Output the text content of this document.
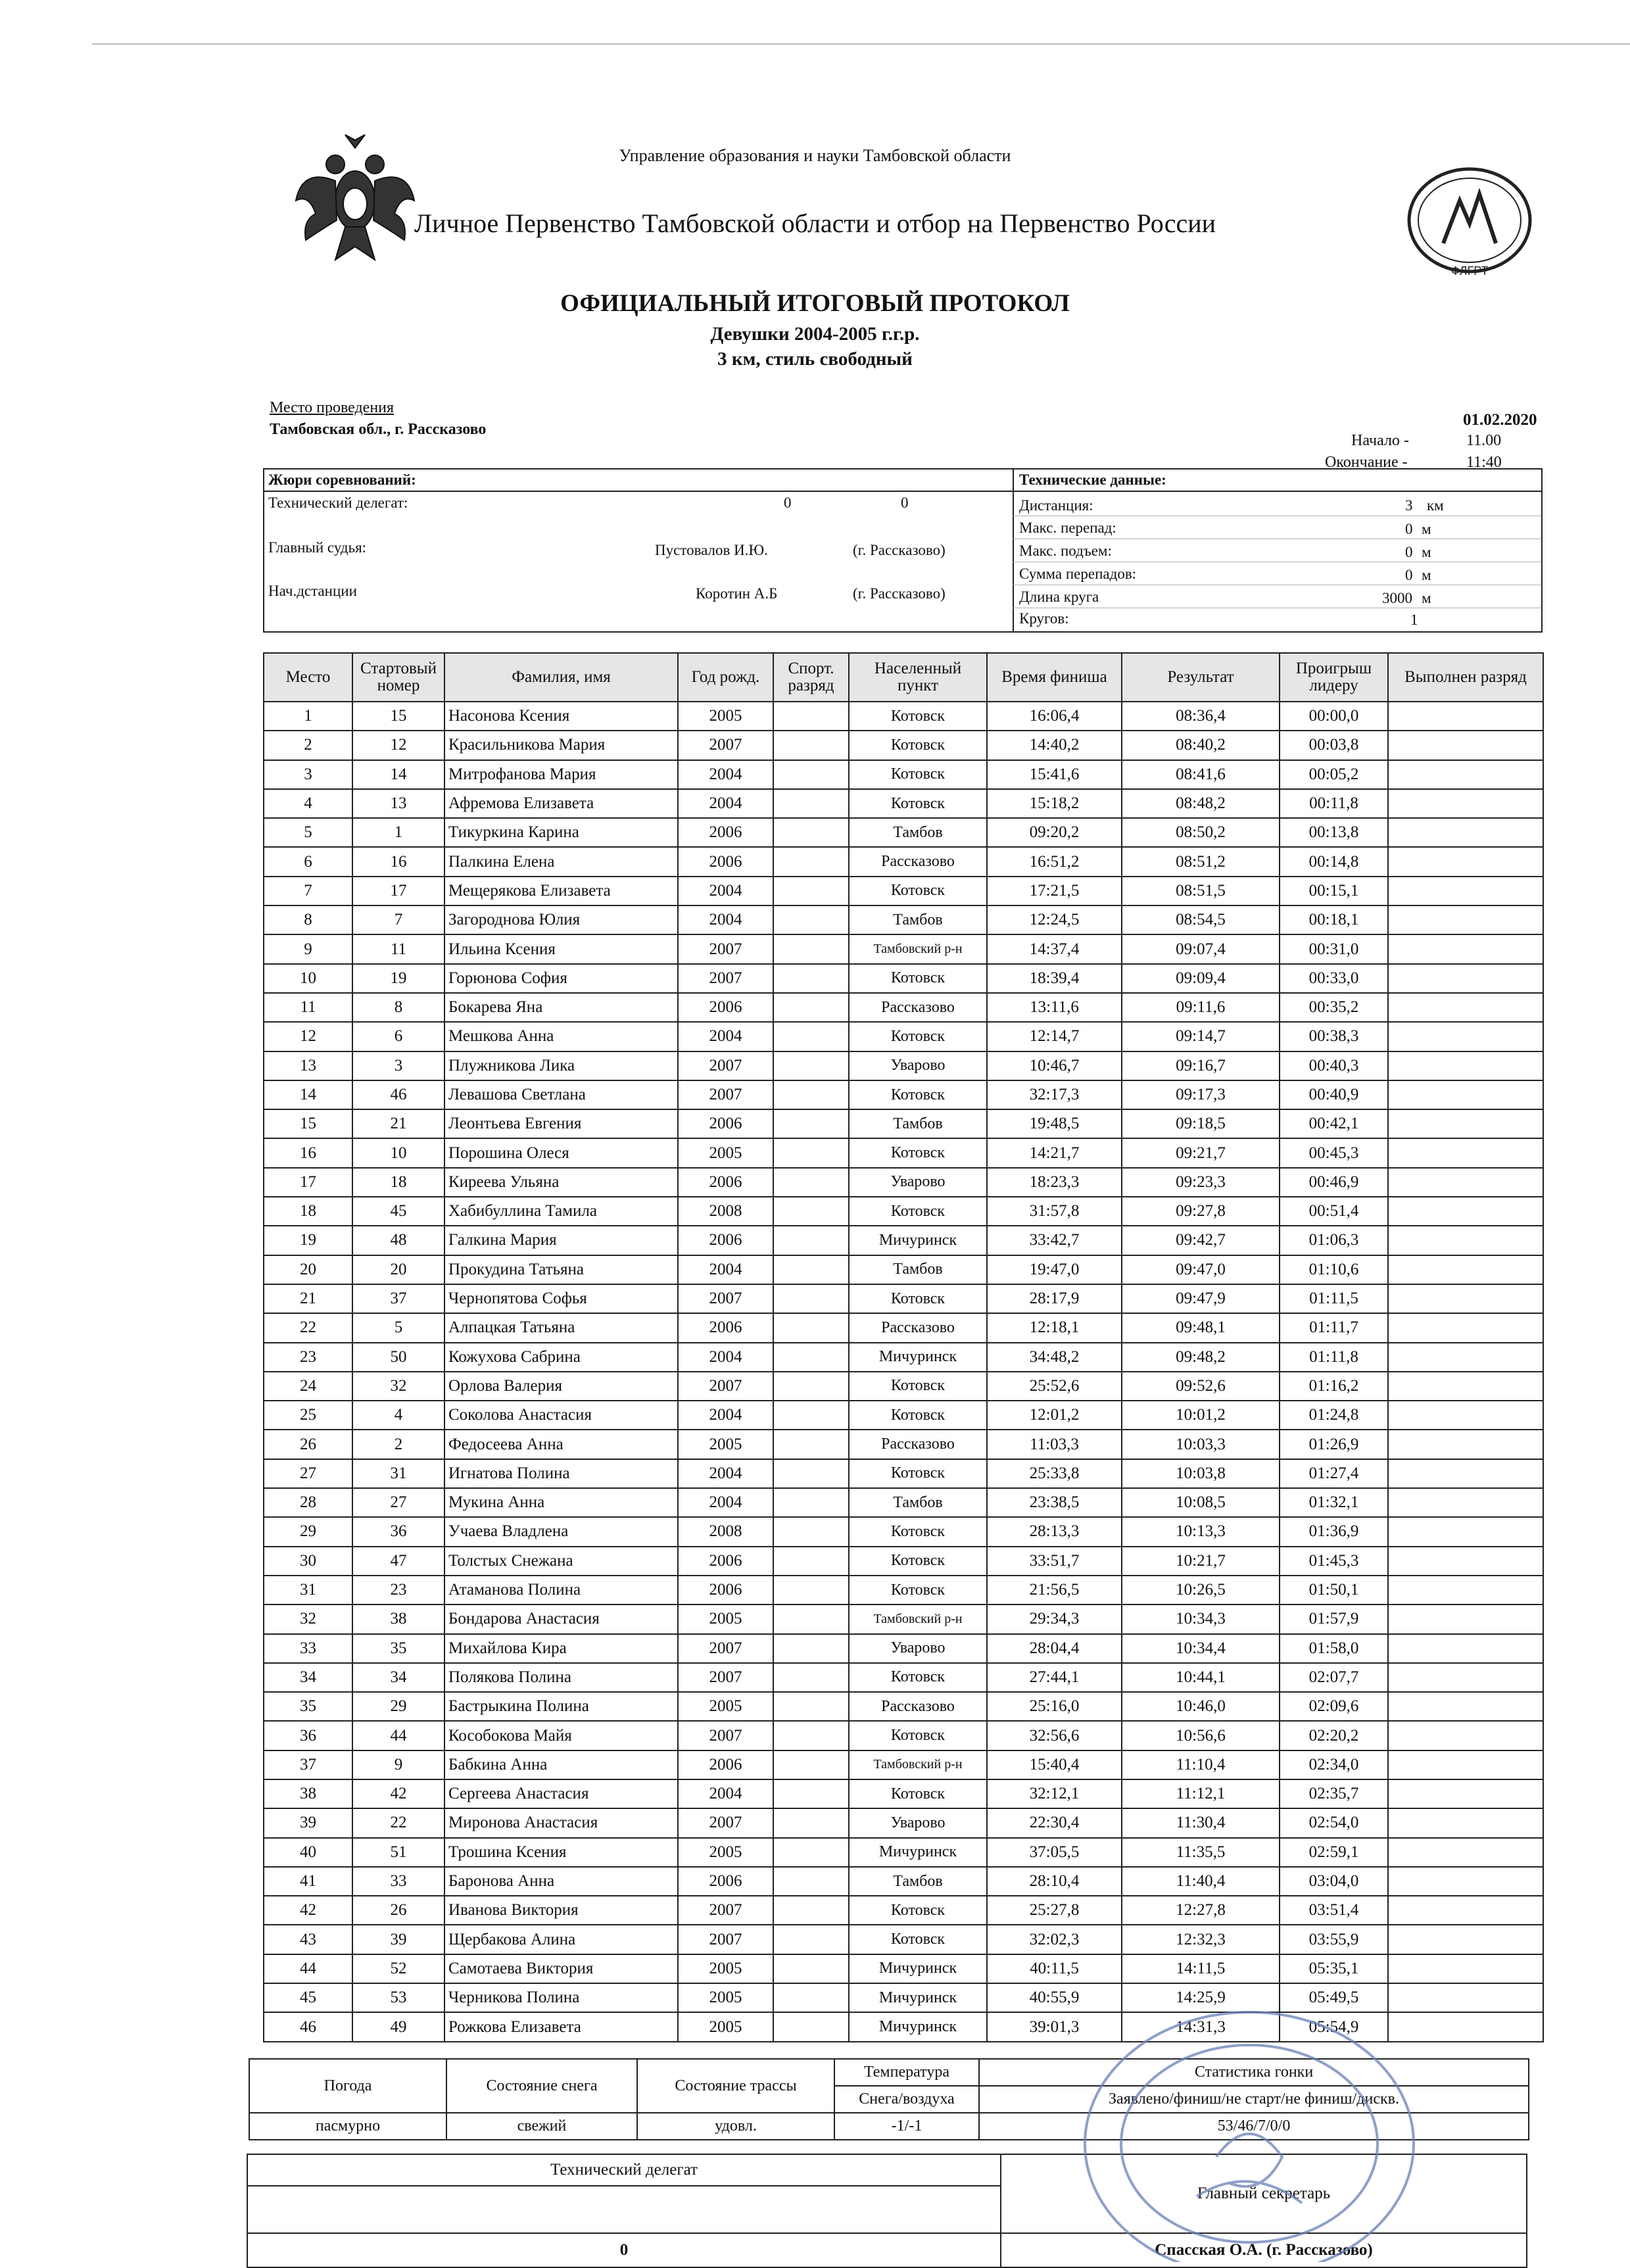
ФЛГРТ
Управление образования и науки Тамбовской области
Личное Первенство Тамбовской области и отбор на Первенство России
ОФИЦИАЛЬНЫЙ ИТОГОВЫЙ ПРОТОКОЛ
Девушки 2004-2005 г.г.р.
3 км, стиль свободный
Место проведения
Тамбовская обл., г. Рассказово
01.02.2020
Начало -	11.00
Окончание -	11:40
Жюри соревнований:	Технические данные:
Технический делегат:	0	0
Главный судья:	Пустовалов И.Ю.	(г. Рассказово)
Нач.дстанции	Коротин А.Б	(г. Рассказово)
Дистанция:	3 км
Макс. перепад:	0 м
Макс. подъем:	0 м
Сумма перепадов:	0 м
Длина круга	3000 м
Кругов:	1
Место	Стартовый номер	Фамилия, имя	Год рожд.	Спорт. разряд	Населенный пункт	Время финиша	Результат	Проигрыш лидеру	Выполнен разряд
1	15	Насонова Ксения	2005		Котовск	16:06,4	08:36,4	00:00,0	
2	12	Красильникова Мария	2007		Котовск	14:40,2	08:40,2	00:03,8	
3	14	Митрофанова Мария	2004		Котовск	15:41,6	08:41,6	00:05,2	
4	13	Афремова Елизавета	2004		Котовск	15:18,2	08:48,2	00:11,8	
5	1	Тикуркина Карина	2006		Тамбов	09:20,2	08:50,2	00:13,8	
6	16	Палкина Елена	2006		Рассказово	16:51,2	08:51,2	00:14,8	
7	17	Мещерякова Елизавета	2004		Котовск	17:21,5	08:51,5	00:15,1	
8	7	Загороднова Юлия	2004		Тамбов	12:24,5	08:54,5	00:18,1	
9	11	Ильина Ксения	2007		Тамбовский р-н	14:37,4	09:07,4	00:31,0	
10	19	Горюнова София	2007		Котовск	18:39,4	09:09,4	00:33,0	
11	8	Бокарева Яна	2006		Рассказово	13:11,6	09:11,6	00:35,2	
12	6	Мешкова Анна	2004		Котовск	12:14,7	09:14,7	00:38,3	
13	3	Плужникова Лика	2007		Уварово	10:46,7	09:16,7	00:40,3	
14	46	Левашова Светлана	2007		Котовск	32:17,3	09:17,3	00:40,9	
15	21	Леонтьева Евгения	2006		Тамбов	19:48,5	09:18,5	00:42,1	
16	10	Порошина Олеся	2005		Котовск	14:21,7	09:21,7	00:45,3	
17	18	Киреева Ульяна	2006		Уварово	18:23,3	09:23,3	00:46,9	
18	45	Хабибуллина Тамила	2008		Котовск	31:57,8	09:27,8	00:51,4	
19	48	Галкина Мария	2006		Мичуринск	33:42,7	09:42,7	01:06,3	
20	20	Прокудина Татьяна	2004		Тамбов	19:47,0	09:47,0	01:10,6	
21	37	Чернопятова Софья	2007		Котовск	28:17,9	09:47,9	01:11,5	
22	5	Алпацкая Татьяна	2006		Рассказово	12:18,1	09:48,1	01:11,7	
23	50	Кожухова Сабрина	2004		Мичуринск	34:48,2	09:48,2	01:11,8	
24	32	Орлова Валерия	2007		Котовск	25:52,6	09:52,6	01:16,2	
25	4	Соколова Анастасия	2004		Котовск	12:01,2	10:01,2	01:24,8	
26	2	Федосеева Анна	2005		Рассказово	11:03,3	10:03,3	01:26,9	
27	31	Игнатова Полина	2004		Котовск	25:33,8	10:03,8	01:27,4	
28	27	Мукина Анна	2004		Тамбов	23:38,5	10:08,5	01:32,1	
29	36	Учаева Владлена	2008		Котовск	28:13,3	10:13,3	01:36,9	
30	47	Толстых Снежана	2006		Котовск	33:51,7	10:21,7	01:45,3	
31	23	Атаманова Полина	2006		Котовск	21:56,5	10:26,5	01:50,1	
32	38	Бондарова Анастасия	2005		Тамбовский р-н	29:34,3	10:34,3	01:57,9	
33	35	Михайлова Кира	2007		Уварово	28:04,4	10:34,4	01:58,0	
34	34	Полякова Полина	2007		Котовск	27:44,1	10:44,1	02:07,7	
35	29	Бастрыкина Полина	2005		Рассказово	25:16,0	10:46,0	02:09,6	
36	44	Кособокова Майя	2007		Котовск	32:56,6	10:56,6	02:20,2	
37	9	Бабкина Анна	2006		Тамбовский р-н	15:40,4	11:10,4	02:34,0	
38	42	Сергеева Анастасия	2004		Котовск	32:12,1	11:12,1	02:35,7	
39	22	Миронова Анастасия	2007		Уварово	22:30,4	11:30,4	02:54,0	
40	51	Трошина Ксения	2005		Мичуринск	37:05,5	11:35,5	02:59,1	
41	33	Баронова Анна	2006		Тамбов	28:10,4	11:40,4	03:04,0	
42	26	Иванова Виктория	2007		Котовск	25:27,8	12:27,8	03:51,4	
43	39	Щербакова Алина	2007		Котовск	32:02,3	12:32,3	03:55,9	
44	52	Самотаева Виктория	2005		Мичуринск	40:11,5	14:11,5	05:35,1	
45	53	Черникова Полина	2005		Мичуринск	40:55,9	14:25,9	05:49,5	
46	49	Рожкова Елизавета	2005		Мичуринск	39:01,3	14:31,3	05:54,9	
Погода	Состояние снега	Состояние трассы	Температура	Статистика гонки
			Снега/воздуха	Заявлено/финиш/не старт/не финиш/дискв.
пасмурно	свежий	удовл.	-1/-1	53/46/7/0/0
Технический делегат	Главный секретарь

0	Спасская О.А. (г. Рассказово)
